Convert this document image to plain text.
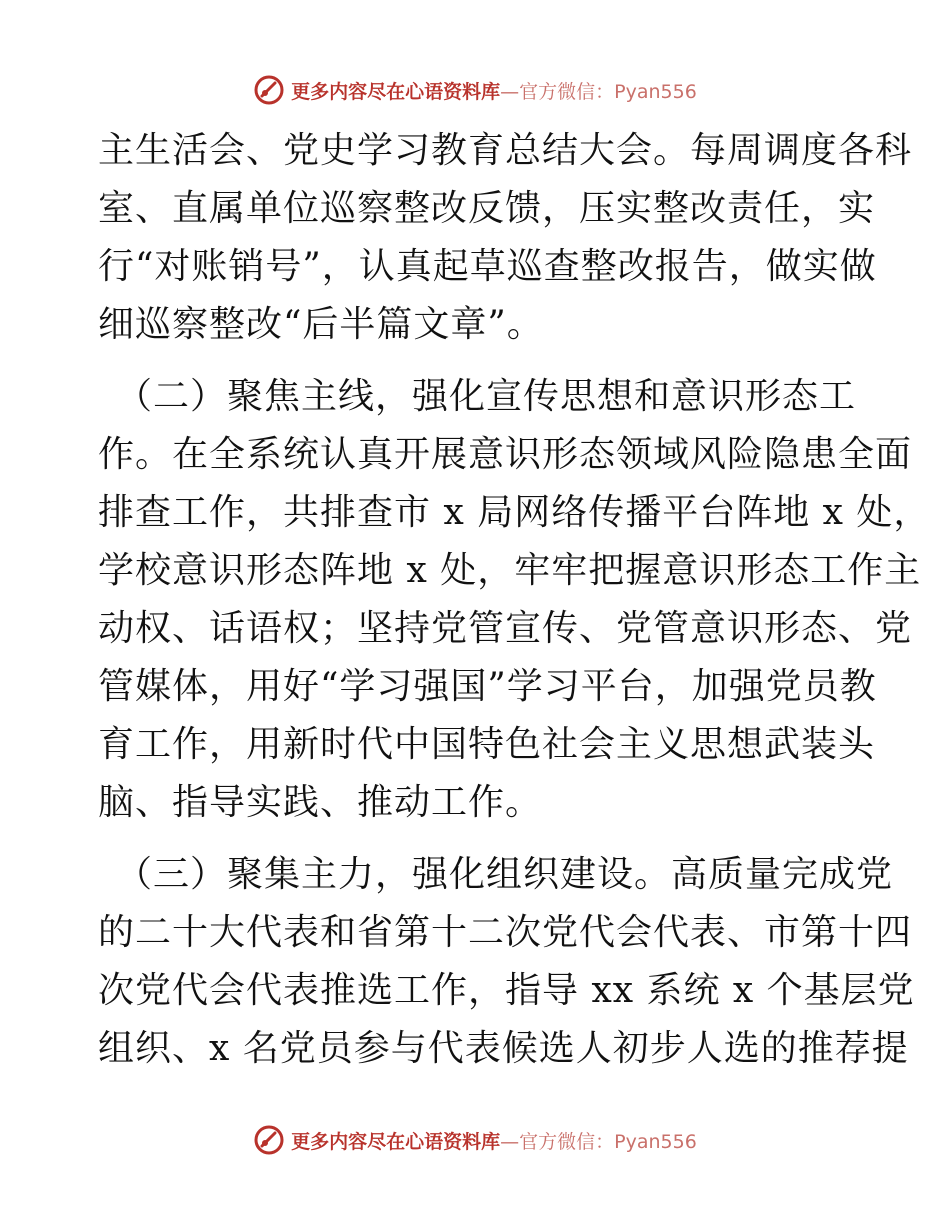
更多内容尽在心语资料库—官方微信：Pyan556
主生活会、党史学习教育总结大会。每周调度各科
室、直属单位巡察整改反馈，压实整改责任，实
行“对账销号”，认真起草巡查整改报告，做实做
细巡察整改“后半篇文章”。
（二）聚焦主线，强化宣传思想和意识形态工
作。在全系统认真开展意识形态领域风险隐患全面
排查工作，共排查市 x 局网络传播平台阵地 x 处，
学校意识形态阵地 x 处，牢牢把握意识形态工作主
动权、话语权；坚持党管宣传、党管意识形态、党
管媒体，用好“学习强国”学习平台，加强党员教
育工作，用新时代中国特色社会主义思想武装头
脑、指导实践、推动工作。
（三）聚集主力，强化组织建设。高质量完成党
的二十大代表和省第十二次党代会代表、市第十四
次党代会代表推选工作，指导 xx 系统 x 个基层党
组织、x 名党员参与代表候选人初步人选的推荐提
更多内容尽在心语资料库—官方微信：Pyan556
